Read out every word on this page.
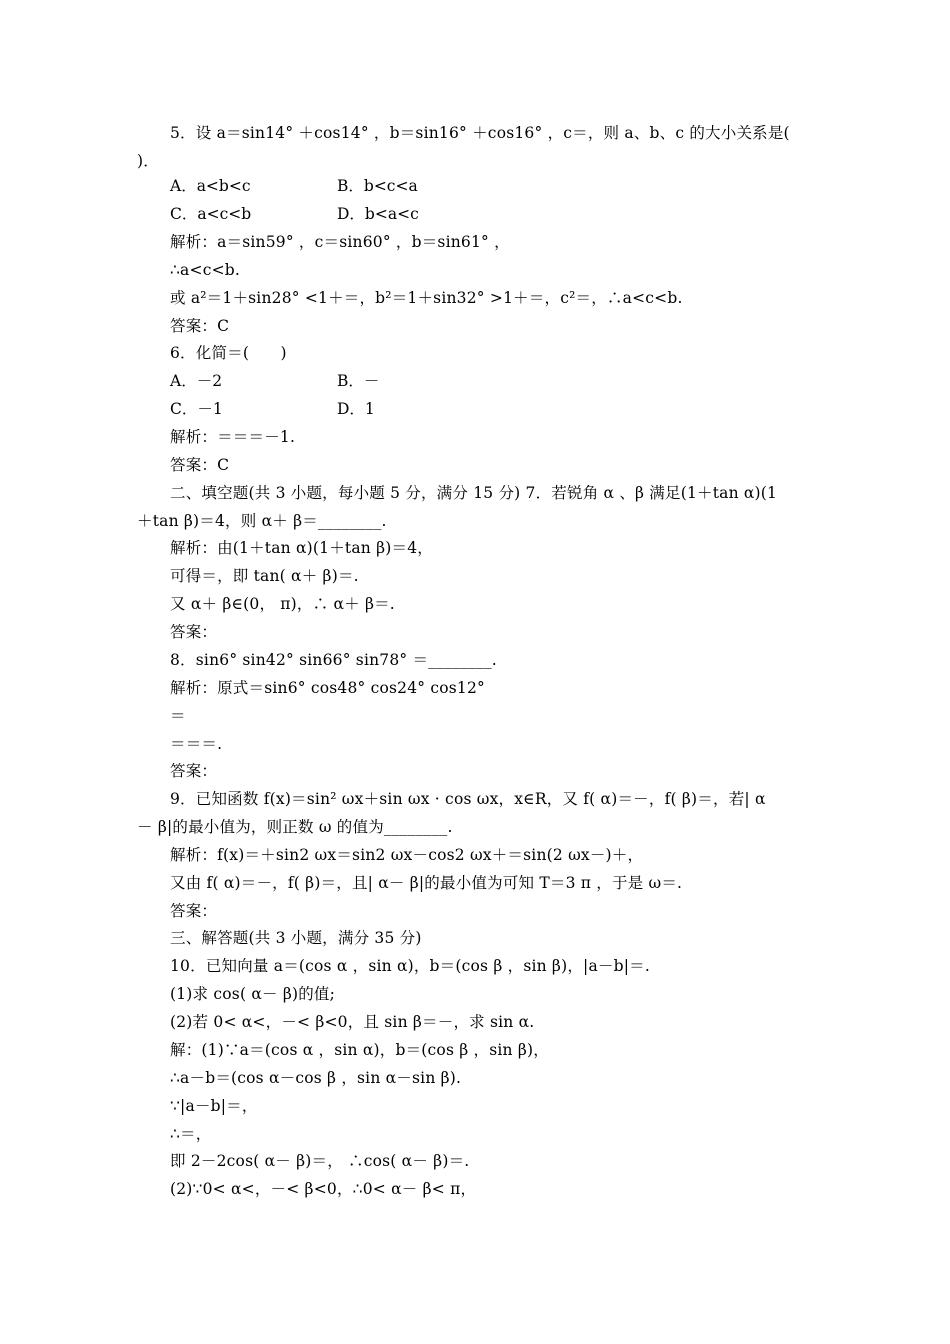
5．设 a＝sin14° ＋cos14° ，b＝sin16° ＋cos16° ，c＝，则 a、b、c 的大小关系是(
)．
A．a<b<c	B．b<c<a
C．a<c<b	D．b<a<c
解析：a＝sin59° ，c＝sin60° ，b＝sin61° ，
∴a<c<b.
或 a²＝1＋sin28° <1＋＝，b²＝1＋sin32° >1＋＝，c²＝，∴a<c<b.
答案：C
6．化简＝(　　)
A．－2	B．－
C．－1	D．1
解析：＝＝＝－1.
答案：C
二、填空题(共 3 小题，每小题 5 分，满分 15 分) 7．若锐角 α 、β 满足(1＋tan α)(1
＋tan β)＝4，则 α＋ β＝________.
解析：由(1＋tan α)(1＋tan β)＝4，
可得＝，即 tan( α＋ β)＝.
又 α＋ β∈(0， π)，∴ α＋ β＝.
答案：
8．sin6° sin42° sin66° sin78° ＝________.
解析：原式＝sin6° cos48° cos24° cos12°
＝
＝＝＝.
答案：
9．已知函数 f(x)＝sin² ωx＋sin ωx · cos ωx，x∈R，又 f( α)＝－，f( β)＝，若| α
－ β|的最小值为，则正数 ω 的值为________.
解析：f(x)＝＋sin2 ωx＝sin2 ωx－cos2 ωx＋＝sin(2 ωx－)＋，
又由 f( α)＝－，f( β)＝，且| α－ β|的最小值为可知 T＝3 π ，于是 ω＝.
答案：
三、解答题(共 3 小题，满分 35 分)
10．已知向量 a＝(cos α ，sin α)，b＝(cos β ，sin β)，|a－b|＝.
(1)求 cos( α－ β)的值;
(2)若 0< α<，－< β<0，且 sin β＝－，求 sin α.
解：(1)∵a＝(cos α ，sin α)，b＝(cos β ，sin β)，
∴a－b＝(cos α－cos β ，sin α－sin β).
∵|a－b|＝，
∴＝，
即 2－2cos( α－ β)＝， ∴cos( α－ β)＝.
(2)∵0< α<，－< β<0，∴0< α－ β< π，
